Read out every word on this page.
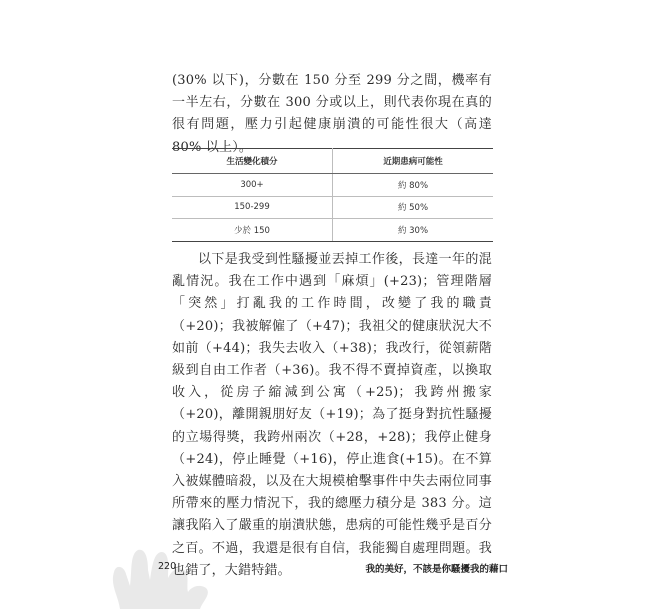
(30% 以下)，分數在 150 分至 299 分之間，機率有一半左右，分數在 300 分或以上，則代表你現在真的很有問題，壓力引起健康崩潰的可能性很大（高達 80% 以上）。

生活變化積分	近期患病可能性
300+	約 80%
150-299	約 50%
少於 150	約 30%

以下是我受到性騷擾並丟掉工作後，長達一年的混亂情況。我在工作中遇到「麻煩」(+23)；管理階層「突然」打亂我的工作時間，改變了我的職責（+20)；我被解僱了（+47)；我祖父的健康狀況大不如前（+44)；我失去收入（+38)；我改行，從領薪階級到自由工作者（+36)。我不得不賣掉資產，以換取收入，從房子縮減到公寓（+25)；我跨州搬家（+20)，離開親朋好友（+19)；為了挺身對抗性騷擾的立場得獎，我跨州兩次（+28，+28)；我停止健身（+24)，停止睡覺（+16)，停止進食(+15)。在不算入被媒體暗殺，以及在大規模槍擊事件中失去兩位同事所帶來的壓力情況下，我的總壓力積分是 383 分。這讓我陷入了嚴重的崩潰狀態，患病的可能性幾乎是百分之百。不過，我還是很有自信，我能獨自處理問題。我也錯了，大錯特錯。

220	我的美好，不該是你騷擾我的藉口
